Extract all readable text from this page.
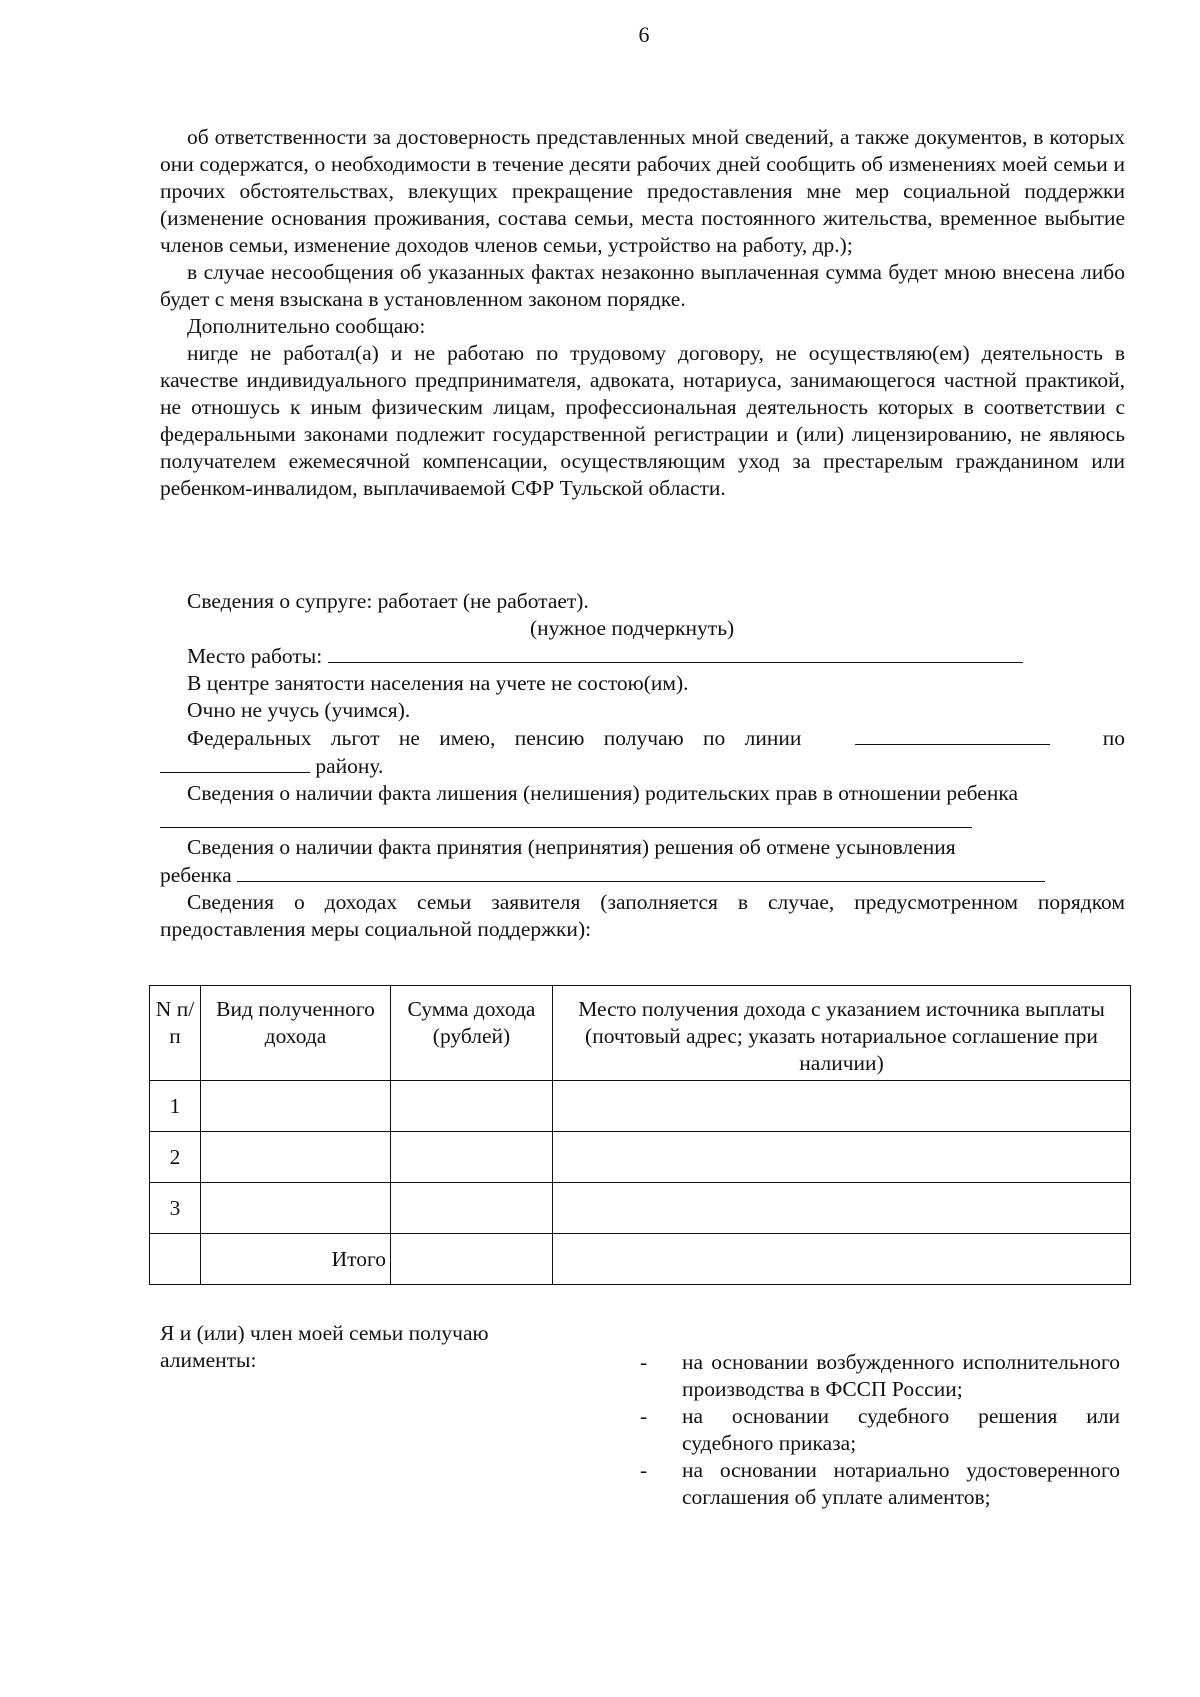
6

об ответственности за достоверность представленных мной сведений, а также документов, в которых они содержатся, о необходимости в течение десяти рабочих дней сообщить об изменениях моей семьи и прочих обстоятельствах, влекущих прекращение предоставления мне мер социальной поддержки (изменение основания проживания, состава семьи, места постоянного жительства, временное выбытие членов семьи, изменение доходов членов семьи, устройство на работу, др.);

в случае несообщения об указанных фактах незаконно выплаченная сумма будет мною внесена либо будет с меня взыскана в установленном законом порядке.

Дополнительно сообщаю:

нигде не работал(а) и не работаю по трудовому договору, не осуществляю(ем) деятельность в качестве индивидуального предпринимателя, адвоката, нотариуса, занимающегося частной практикой, не отношусь к иным физическим лицам, профессиональная деятельность которых в соответствии с федеральными законами подлежит государственной регистрации и (или) лицензированию, не являюсь получателем ежемесячной компенсации, осуществляющим уход за престарелым гражданином или ребенком-инвалидом, выплачиваемой СФР Тульской области.

Сведения о супруге: работает (не работает).

(нужное подчеркнуть)
Место работы:
В центре занятости населения на учете не состою(им).
Очно не учусь (учимся).
Федеральных льгот не имею, пенсию получаю по линии	по
району.

Сведения о наличии факта лишения (нелишения) родительских прав в отношении ребенка

Сведения о наличии факта принятия (непринятия) решения об отмене усыновления

ребенка

Сведения о доходах семьи заявителя (заполняется в случае, предусмотренном порядком предоставления меры социальной поддержки):

N п/п	Вид полученного дохода	Сумма дохода (рублей)	Место получения дохода с указанием источника выплаты (почтовый адрес; указать нотариальное соглашение при наличии)
1			
2			
3			
	Итого		
Я и (или) член моей семьи получаю алименты:	- на основании возбужденного исполнительного производства в ФССП России;
- на основании судебного решения или судебного приказа;
- на основании нотариально удостоверенного соглашения об уплате алиментов;
